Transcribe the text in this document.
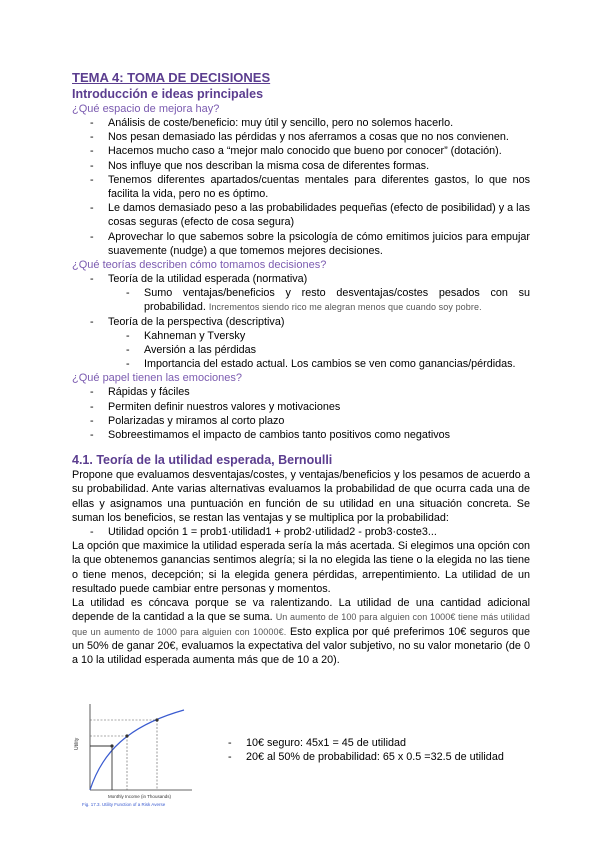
TEMA 4: TOMA DE DECISIONES
Introducción e ideas principales
¿Qué espacio de mejora hay?
- Análisis de coste/beneficio: muy útil y sencillo, pero no solemos hacerlo.
- Nos pesan demasiado las pérdidas y nos aferramos a cosas que no nos convienen.
- Hacemos mucho caso a “mejor malo conocido que bueno por conocer” (dotación).
- Nos influye que nos describan la misma cosa de diferentes formas.
- Tenemos diferentes apartados/cuentas mentales para diferentes gastos, lo que nos facilita la vida, pero no es óptimo.
- Le damos demasiado peso a las probabilidades pequeñas (efecto de posibilidad) y a las cosas seguras (efecto de cosa segura)
- Aprovechar lo que sabemos sobre la psicología de cómo emitimos juicios para empujar suavemente (nudge) a que tomemos mejores decisiones.
¿Qué teorías describen cómo tomamos decisiones?
- Teoría de la utilidad esperada (normativa)
- Sumo ventajas/beneficios y resto desventajas/costes pesados con su probabilidad. Incrementos siendo rico me alegran menos que cuando soy pobre.
- Teoría de la perspectiva (descriptiva)
- Kahneman y Tversky
- Aversión a las pérdidas
- Importancia del estado actual. Los cambios se ven como ganancias/pérdidas.
¿Qué papel tienen las emociones?
- Rápidas y fáciles
- Permiten definir nuestros valores y motivaciones
- Polarizadas y miramos al corto plazo
- Sobreestimamos el impacto de cambios tanto positivos como negativos
4.1. Teoría de la utilidad esperada, Bernoulli

Propone que evaluamos desventajas/costes, y ventajas/beneficios y los pesamos de acuerdo a su probabilidad. Ante varias alternativas evaluamos la probabilidad de que ocurra cada una de ellas y asignamos una puntuación en función de su utilidad en una situación concreta. Se suman los beneficios, se restan las ventajas y se multiplica por la probabilidad:

- Utilidad opción 1 = prob1·utilidad1 + prob2·utilidad2 - prob3·coste3...

La opción que maximice la utilidad esperada sería la más acertada. Si elegimos una opción con la que obtenemos ganancias sentimos alegría; si la no elegida las tiene o la elegida no las tiene o tiene menos, decepción; si la elegida genera pérdidas, arrepentimiento. La utilidad de un resultado puede cambiar entre personas y momentos.

La utilidad es cóncava porque se va ralentizando. La utilidad de una cantidad adicional depende de la cantidad a la que se suma. Un aumento de 100 para alguien con 1000€ tiene más utilidad que un aumento de 1000 para alguien con 10000€. Esto explica por qué preferimos 10€ seguros que un 50% de ganar 20€, evaluamos la expectativa del valor subjetivo, no su valor monetario (de 0 a 10 la utilidad esperada aumenta más que de 10 a 20).

Utility
Monthly Income (in Thousands)
Fig. 17.3. Utility Function of a Risk Averse
- 10€ seguro: 45x1 = 45 de utilidad
- 20€ al 50% de probabilidad: 65 x 0.5 =32.5 de utilidad
